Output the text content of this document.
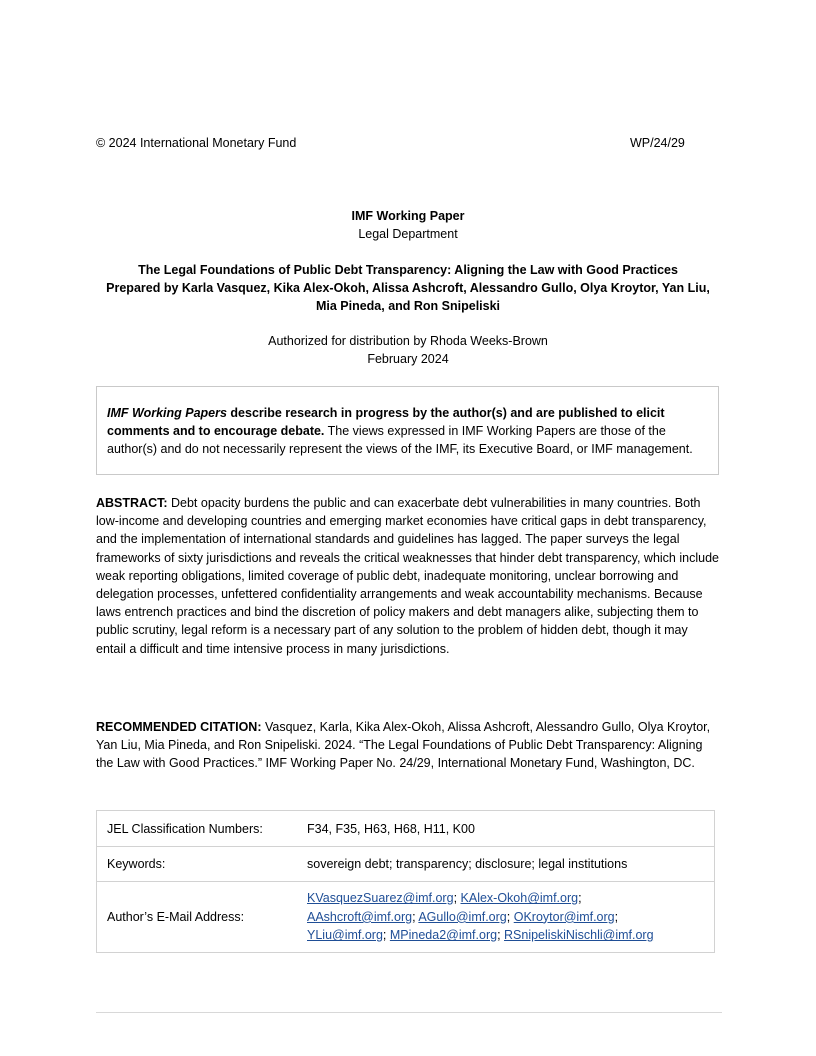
© 2024 International Monetary Fund	WP/24/29
IMF Working Paper
Legal Department
The Legal Foundations of Public Debt Transparency: Aligning the Law with Good Practices
Prepared by Karla Vasquez, Kika Alex-Okoh, Alissa Ashcroft, Alessandro Gullo, Olya Kroytor, Yan Liu,
Mia Pineda, and Ron Snipeliski
Authorized for distribution by Rhoda Weeks-Brown
February 2024
IMF Working Papers describe research in progress by the author(s) and are published to elicit comments and to encourage debate. The views expressed in IMF Working Papers are those of the author(s) and do not necessarily represent the views of the IMF, its Executive Board, or IMF management.
ABSTRACT: Debt opacity burdens the public and can exacerbate debt vulnerabilities in many countries. Both low-income and developing countries and emerging market economies have critical gaps in debt transparency, and the implementation of international standards and guidelines has lagged. The paper surveys the legal frameworks of sixty jurisdictions and reveals the critical weaknesses that hinder debt transparency, which include weak reporting obligations, limited coverage of public debt, inadequate monitoring, unclear borrowing and delegation processes, unfettered confidentiality arrangements and weak accountability mechanisms. Because laws entrench practices and bind the discretion of policy makers and debt managers alike, subjecting them to public scrutiny, legal reform is a necessary part of any solution to the problem of hidden debt, though it may entail a difficult and time intensive process in many jurisdictions.
RECOMMENDED CITATION: Vasquez, Karla, Kika Alex-Okoh, Alissa Ashcroft, Alessandro Gullo, Olya Kroytor, Yan Liu, Mia Pineda, and Ron Snipeliski. 2024. “The Legal Foundations of Public Debt Transparency: Aligning the Law with Good Practices.” IMF Working Paper No. 24/29, International Monetary Fund, Washington, DC.
JEL Classification Numbers:	F34, F35, H63, H68, H11, K00
Keywords:	sovereign debt; transparency; disclosure; legal institutions
Author’s E-Mail Address:	KVasquezSuarez@imf.org; KAlex-Okoh@imf.org;
AAshcroft@imf.org; AGullo@imf.org; OKroytor@imf.org;
YLiu@imf.org; MPineda2@imf.org; RSnipeliskiNischli@imf.org
